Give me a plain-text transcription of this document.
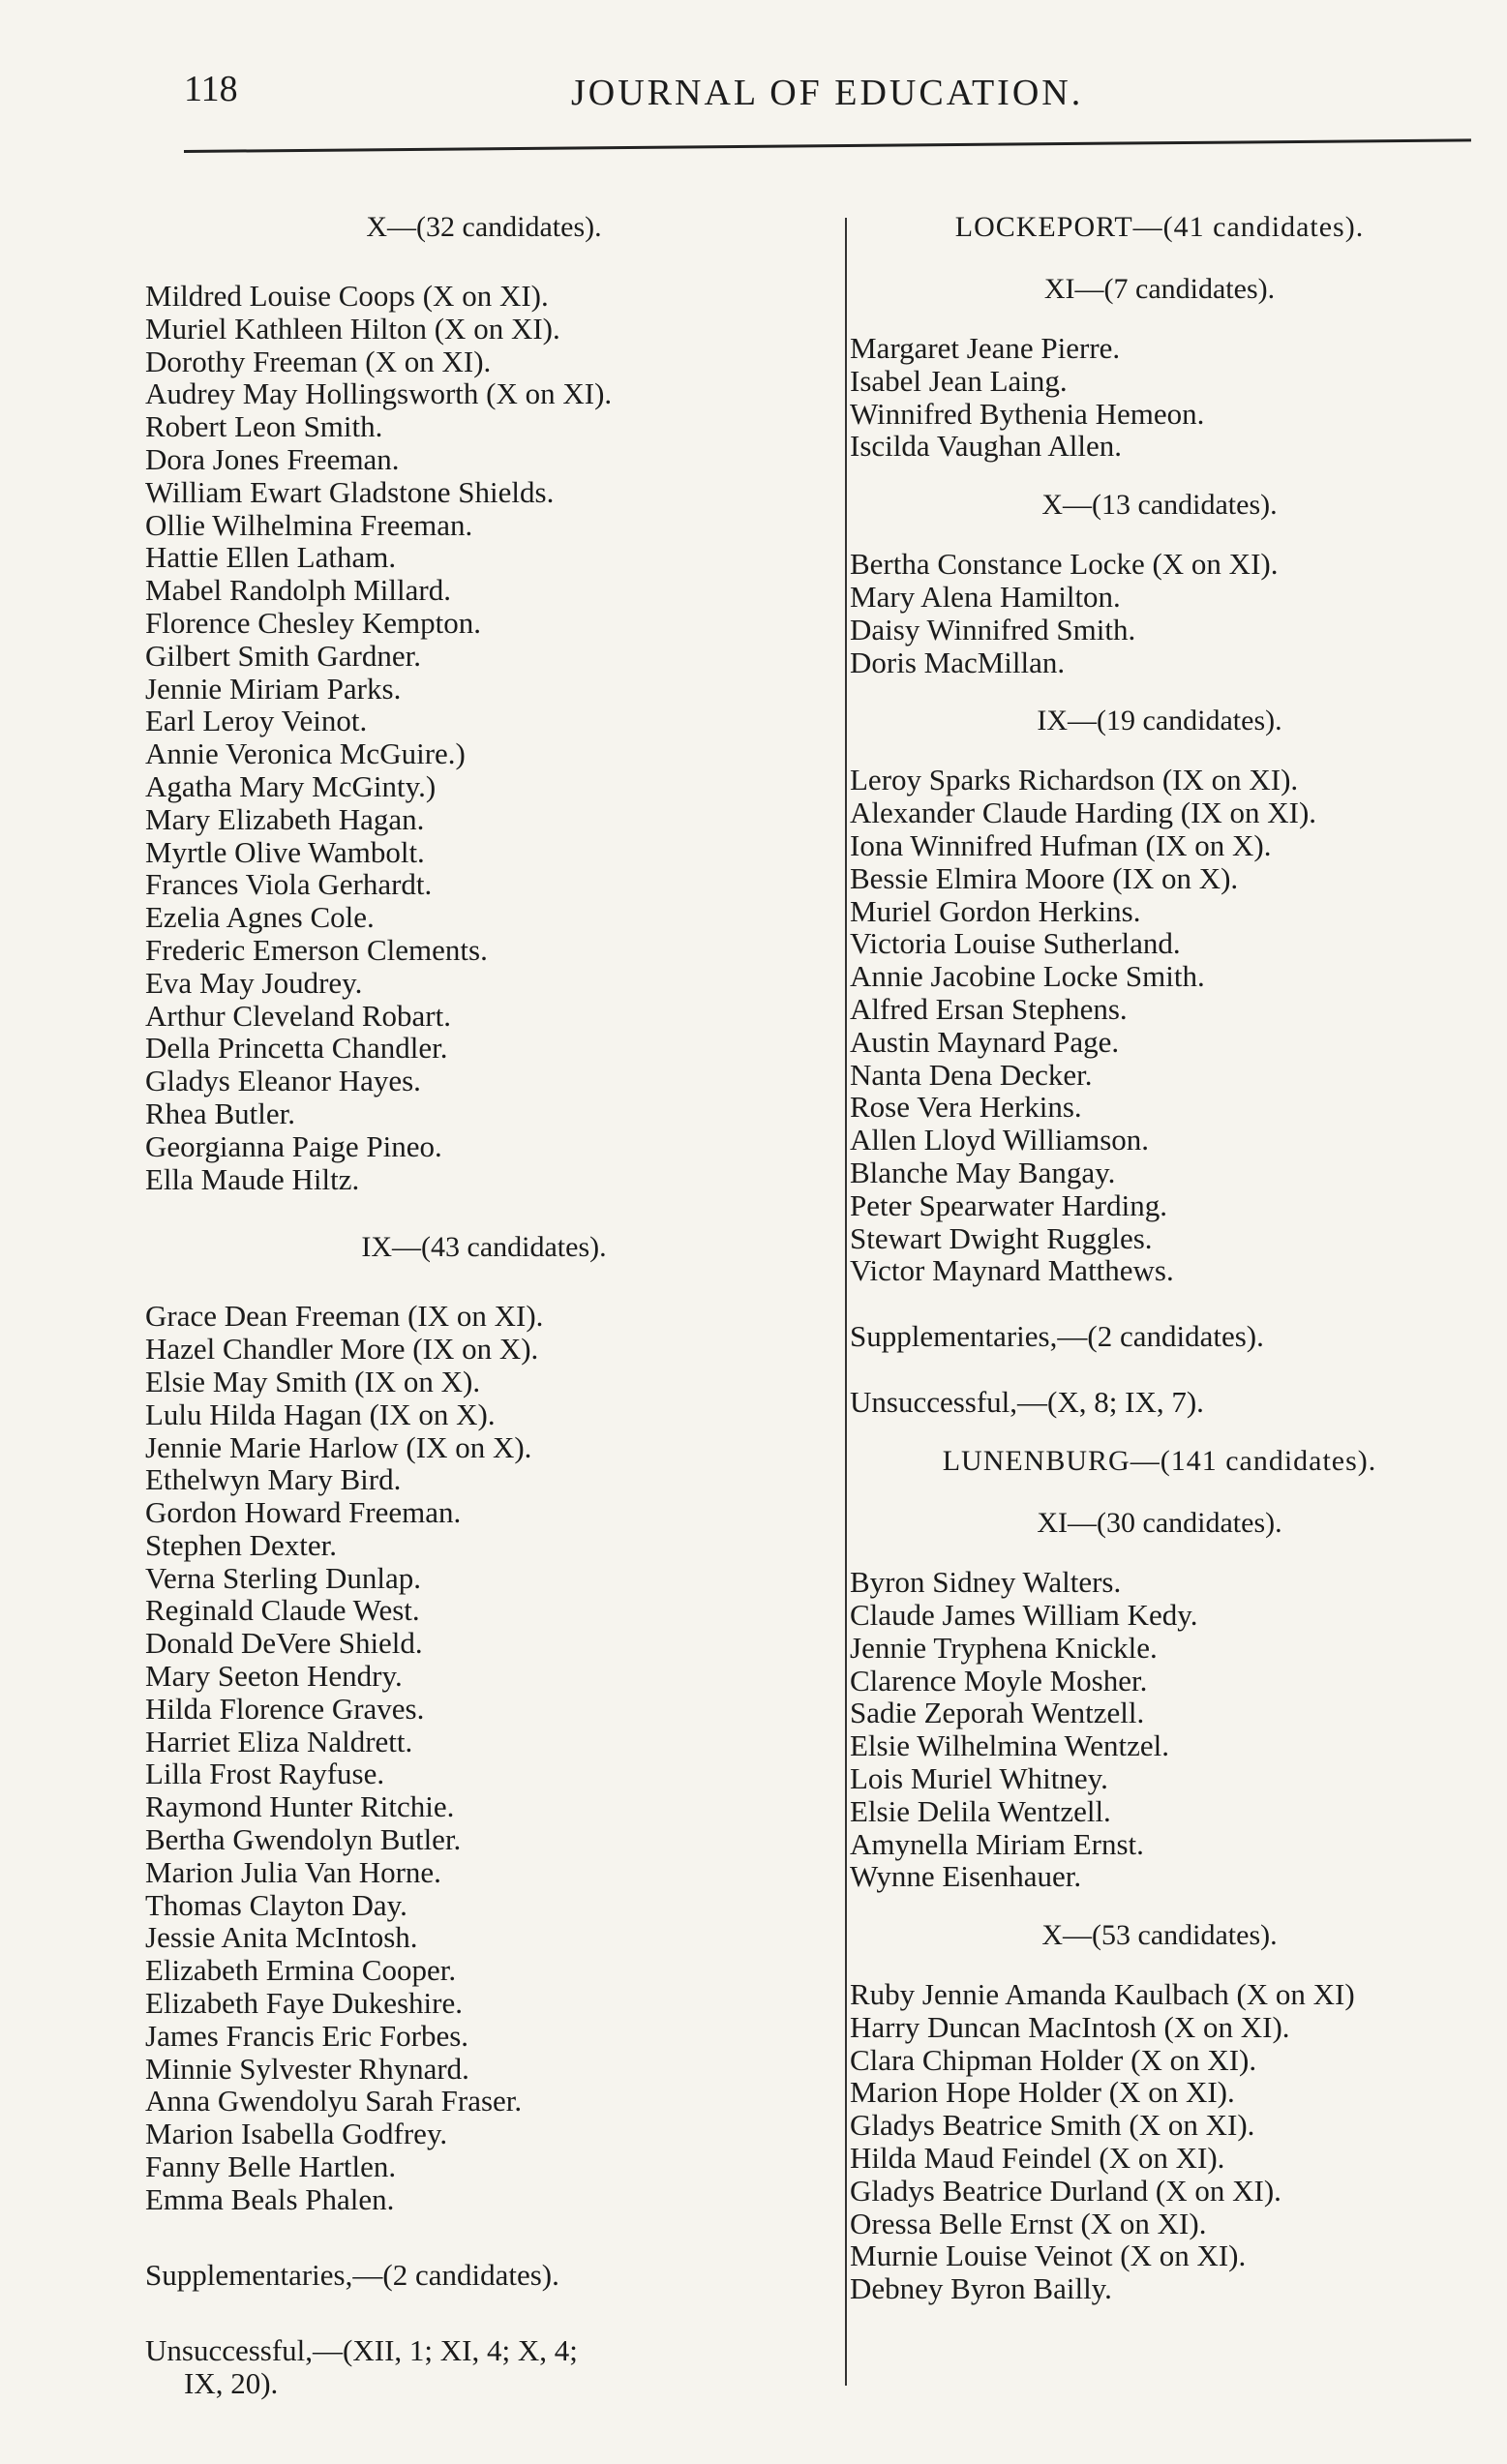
118	JOURNAL OF EDUCATION.

X—(32 candidates).

Mildred Louise Coops (X on XI).
Muriel Kathleen Hilton (X on XI).
Dorothy Freeman (X on XI).
Audrey May Hollingsworth (X on XI).
Robert Leon Smith.
Dora Jones Freeman.
William Ewart Gladstone Shields.
Ollie Wilhelmina Freeman.
Hattie Ellen Latham.
Mabel Randolph Millard.
Florence Chesley Kempton.
Gilbert Smith Gardner.
Jennie Miriam Parks.
Earl Leroy Veinot.
Annie Veronica McGuire.)
Agatha Mary McGinty.)
Mary Elizabeth Hagan.
Myrtle Olive Wambolt.
Frances Viola Gerhardt.
Ezelia Agnes Cole.
Frederic Emerson Clements.
Eva May Joudrey.
Arthur Cleveland Robart.
Della Princetta Chandler.
Gladys Eleanor Hayes.
Rhea Butler.
Georgianna Paige Pineo.
Ella Maude Hiltz.

IX—(43 candidates).

Grace Dean Freeman (IX on XI).
Hazel Chandler More (IX on X).
Elsie May Smith (IX on X).
Lulu Hilda Hagan (IX on X).
Jennie Marie Harlow (IX on X).
Ethelwyn Mary Bird.
Gordon Howard Freeman.
Stephen Dexter.
Verna Sterling Dunlap.
Reginald Claude West.
Donald DeVere Shield.
Mary Seeton Hendry.
Hilda Florence Graves.
Harriet Eliza Naldrett.
Lilla Frost Rayfuse.
Raymond Hunter Ritchie.
Bertha Gwendolyn Butler.
Marion Julia Van Horne.
Thomas Clayton Day.
Jessie Anita McIntosh.
Elizabeth Ermina Cooper.
Elizabeth Faye Dukeshire.
James Francis Eric Forbes.
Minnie Sylvester Rhynard.
Anna Gwendolyu Sarah Fraser.
Marion Isabella Godfrey.
Fanny Belle Hartlen.
Emma Beals Phalen.
Supplementaries,—(2 candidates).
Unsuccessful,—(XII, 1; XI, 4; X, 4;
IX, 20).

LOCKEPORT—(41 candidates).

XI—(7 candidates).

Margaret Jeane Pierre.
Isabel Jean Laing.
Winnifred Bythenia Hemeon.
Iscilda Vaughan Allen.

X—(13 candidates).

Bertha Constance Locke (X on XI).
Mary Alena Hamilton.
Daisy Winnifred Smith.
Doris MacMillan.

IX—(19 candidates).

Leroy Sparks Richardson (IX on XI).
Alexander Claude Harding (IX on XI).
Iona Winnifred Hufman (IX on X).
Bessie Elmira Moore (IX on X).
Muriel Gordon Herkins.
Victoria Louise Sutherland.
Annie Jacobine Locke Smith.
Alfred Ersan Stephens.
Austin Maynard Page.
Nanta Dena Decker.
Rose Vera Herkins.
Allen Lloyd Williamson.
Blanche May Bangay.
Peter Spearwater Harding.
Stewart Dwight Ruggles.
Victor Maynard Matthews.
Supplementaries,—(2 candidates).
Unsuccessful,—(X, 8; IX, 7).

LUNENBURG—(141 candidates).

XI—(30 candidates).

Byron Sidney Walters.
Claude James William Kedy.
Jennie Tryphena Knickle.
Clarence Moyle Mosher.
Sadie Zeporah Wentzell.
Elsie Wilhelmina Wentzel.
Lois Muriel Whitney.
Elsie Delila Wentzell.
Amynella Miriam Ernst.
Wynne Eisenhauer.

X—(53 candidates).

Ruby Jennie Amanda Kaulbach (X on XI)
Harry Duncan MacIntosh (X on XI).
Clara Chipman Holder (X on XI).
Marion Hope Holder (X on XI).
Gladys Beatrice Smith (X on XI).
Hilda Maud Feindel (X on XI).
Gladys Beatrice Durland (X on XI).
Oressa Belle Ernst (X on XI).
Murnie Louise Veinot (X on XI).
Debney Byron Bailly.
